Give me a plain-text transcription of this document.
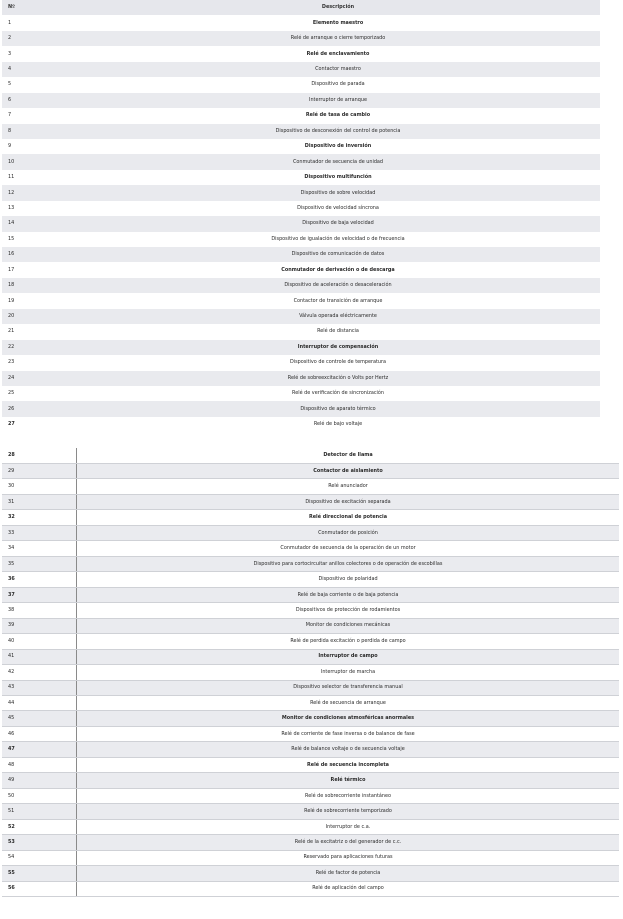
Nº	Descripción
1	Elemento maestro
2	Relé de arranque o cierre temporizado
3	Relé de enclavamiento
4	Contactor maestro
5	Dispositivo de parada
6	Interruptor de arranque
7	Relé de tasa de cambio
8	Dispositivo de desconexión del control de potencia
9	Dispositivo de inversión
10	Conmutador de secuencia de unidad
11	Dispositivo multifunción
12	Dispositivo de sobre velocidad
13	Dispositivo de velocidad síncrona
14	Dispositivo de baja velocidad
15	Dispositivo de igualación de velocidad o de frecuencia
16	Dispositivo de comunicación de datos
17	Conmutador de derivación o de descarga
18	Dispositivo de aceleración o desaceleración
19	Contactor de transición de arranque
20	Válvula operada eléctricamente
21	Relé de distancia
22	Interruptor de compensación
23	Dispositivo de controle de temperatura
24	Relé de sobreexcitación o Volts por Hertz
25	Relé de verificación de sincronización
26	Dispositivo de aparato térmico
27	Relé de bajo voltaje
28	Detector de llama
29	Contactor de aislamiento
30	Relé anunciador
31	Dispositivo de excitación separada
32	Relé direccional de potencia
33	Conmutador de posición
34	Conmutador de secuencia de la operación de un motor
35	Dispositivo para cortocircuitar anillos colectores o de operación de escobillas
36	Dispositivo de polaridad
37	Relé de baja corriente o de baja potencia
38	Dispositivos de protección de rodamientos
39	Monitor de condiciones mecánicas
40	Relé de perdida excitación o perdida de campo
41	Interruptor de campo
42	Interruptor de marcha
43	Dispositivo selector de transferencia manual
44	Relé de secuencia de arranque
45	Monitor de condiciones atmosféricas anormales
46	Relé de corriente de fase inversa o de balance de fase
47	Relé de balance voltaje o de secuencia voltaje
48	Relé de secuencia incompleta
49	Relé térmico
50	Relé de sobrecorriente instantáneo
51	Relé de sobrecorriente temporizado
52	Interruptor de c.a.
53	Relé de la excitatriz o del generador de c.c.
54	Reservado para aplicaciones futuras
55	Relé de factor de potencia
56	Relé de aplicación del campo
